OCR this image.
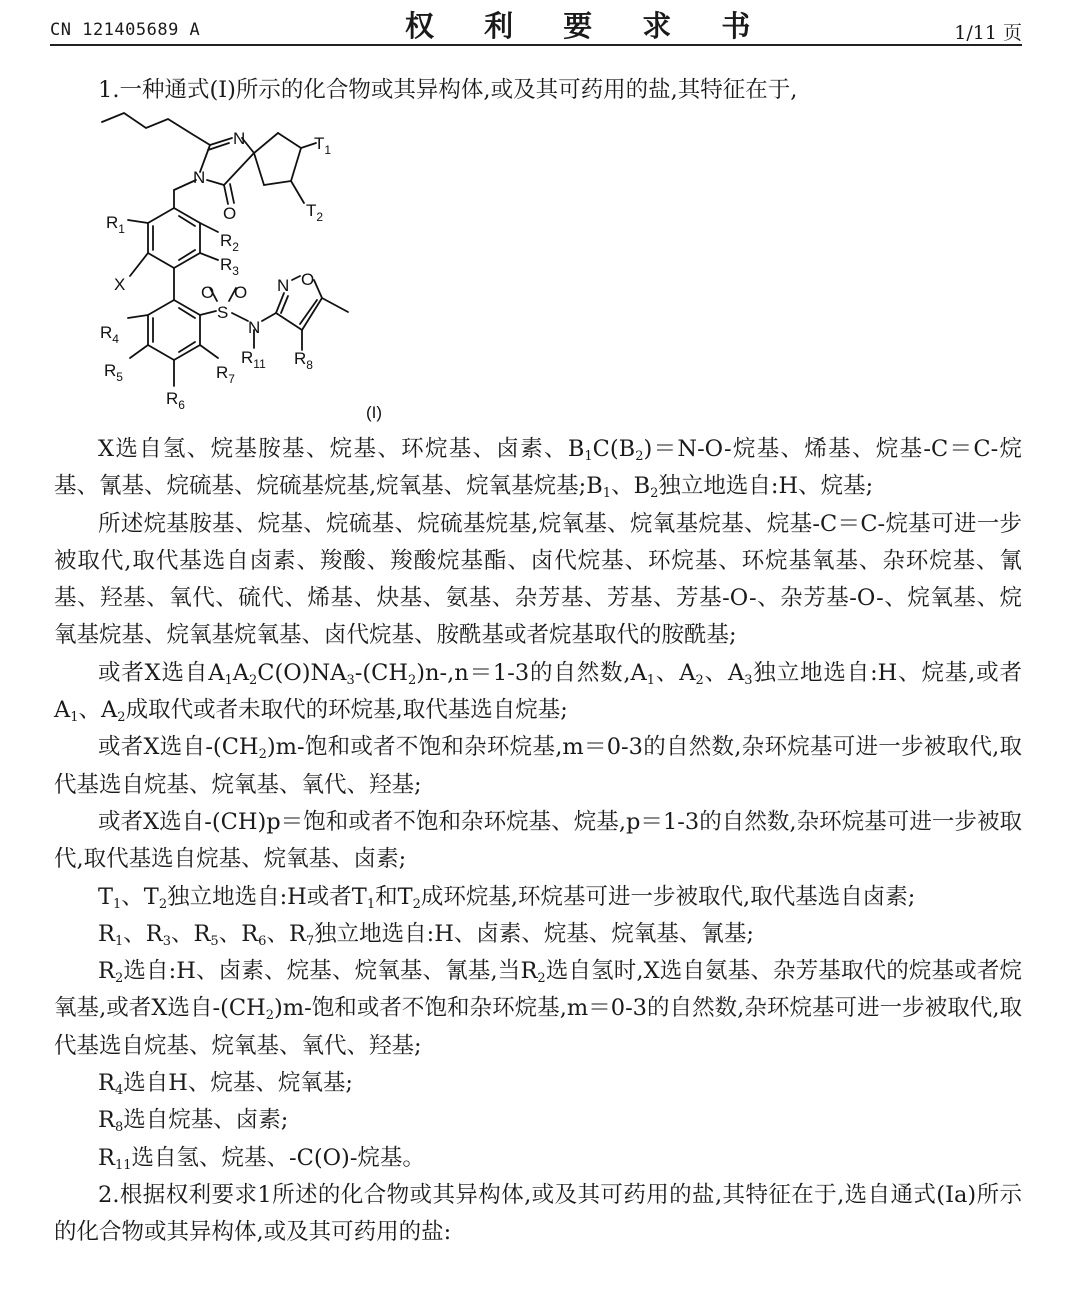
CN 121405689 A	权 利 要 求 书	1/11 页

1.一种通式(I)所示的化合物或其异构体,或及其可药用的盐,其特征在于,

N
N
O
$T_1$
$T_2$
$R_1$
$R_2$
$R_3$
X	O O
S
N
N O
$R_4$
$R_5$	$R_7$
$R_6$
$R_{11}$ $R_8$
(I)

X选自氢、烷基胺基、烷基、环烷基、卤素、$B_1C(B_2)=N-O-$烷基、烯基、烷基-C＝C-烷基、氰基、烷硫基、烷硫基烷基,烷氧基、烷氧基烷基$;B_1$、$B_2$独立地选自:H、烷基;

所述烷基胺基、烷基、烷硫基、烷硫基烷基,烷氧基、烷氧基烷基、烷基-C＝C-烷基可进一步被取代,取代基选自卤素、羧酸、羧酸烷基酯、卤代烷基、环烷基、环烷基氧基、杂环烷基、氰基、羟基、氧代、硫代、烯基、炔基、氨基、杂芳基、芳基、芳基-O-、杂芳基-O-、烷氧基、烷氧基烷基、烷氧基烷氧基、卤代烷基、胺酰基或者烷基取代的胺酰基;

或者X选自$A_1A_2C(O)NA_3-(CH_2)n-,n=1-3$的自然数$,A_1$、$A_2$、$A_3$独立地选自:H、烷基,或者$A_1$、$A_2$成取代或者未取代的环烷基,取代基选自烷基;

或者X选自$-(CH_2)m-$饱和或者不饱和杂环烷基,m＝0-3的自然数,杂环烷基可进一步被取代,取代基选自烷基、烷氧基、氧代、羟基;

或者X选自-(CH)p＝饱和或者不饱和杂环烷基、烷基,p＝1-3的自然数,杂环烷基可进一步被取代,取代基选自烷基、烷氧基、卤素;

$T_1$、$T_2$独立地选自:H或者$T_1$和$T_2$成环烷基,环烷基可进一步被取代,取代基选自卤素;

$R_1$、$R_3$、$R_5$、$R_6$、$R_7$独立地选自:H、卤素、烷基、烷氧基、氰基;

$R_2$选自:H、卤素、烷基、烷氧基、氰基,当$R_2$选自氢时,X选自氨基、杂芳基取代的烷基或者烷氧基,或者X选自$-(CH_2)m-$饱和或者不饱和杂环烷基,m＝0-3的自然数,杂环烷基可进一步被取代,取代基选自烷基、烷氧基、氧代、羟基;

$R_4$选自H、烷基、烷氧基;

$R_8$选自烷基、卤素;

$R_{11}$选自氢、烷基、-C(O)-烷基。

2.根据权利要求1所述的化合物或其异构体,或及其可药用的盐,其特征在于,选自通式(Ia)所示的化合物或其异构体,或及其可药用的盐:
